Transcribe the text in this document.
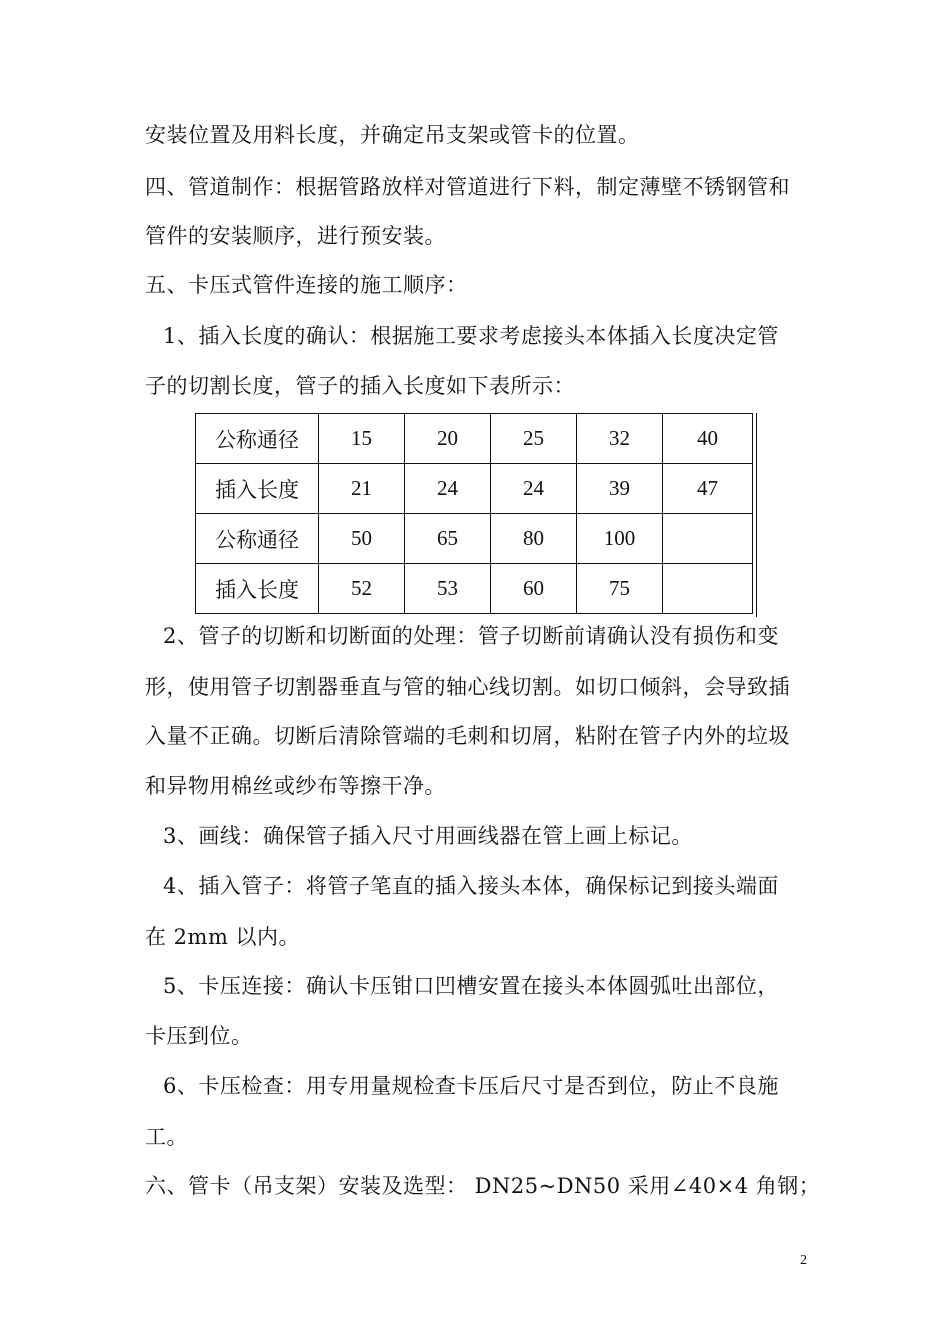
安装位置及用料长度，并确定吊支架或管卡的位置。

四、管道制作：根据管路放样对管道进行下料，制定薄壁不锈钢管和

管件的安装顺序，进行预安装。

五、卡压式管件连接的施工顺序：

1、插入长度的确认：根据施工要求考虑接头本体插入长度决定管

子的切割长度，管子的插入长度如下表所示：

公称通径	15	20	25	32	40
插入长度	21	24	24	39	47
公称通径	50	65	80	100	
插入长度	52	53	60	75	

2、管子的切断和切断面的处理：管子切断前请确认没有损伤和变

形，使用管子切割器垂直与管的轴心线切割。如切口倾斜，会导致插

入量不正确。切断后清除管端的毛刺和切屑，粘附在管子内外的垃圾

和异物用棉丝或纱布等擦干净。

3、画线：确保管子插入尺寸用画线器在管上画上标记。

4、插入管子：将管子笔直的插入接头本体，确保标记到接头端面

在 2mm 以内。

5、卡压连接：确认卡压钳口凹槽安置在接头本体圆弧吐出部位，

卡压到位。

6、卡压检查：用专用量规检查卡压后尺寸是否到位，防止不良施

工。

六、管卡（吊支架）安装及选型： DN25~DN50 采用∠40×4 角钢；

2
